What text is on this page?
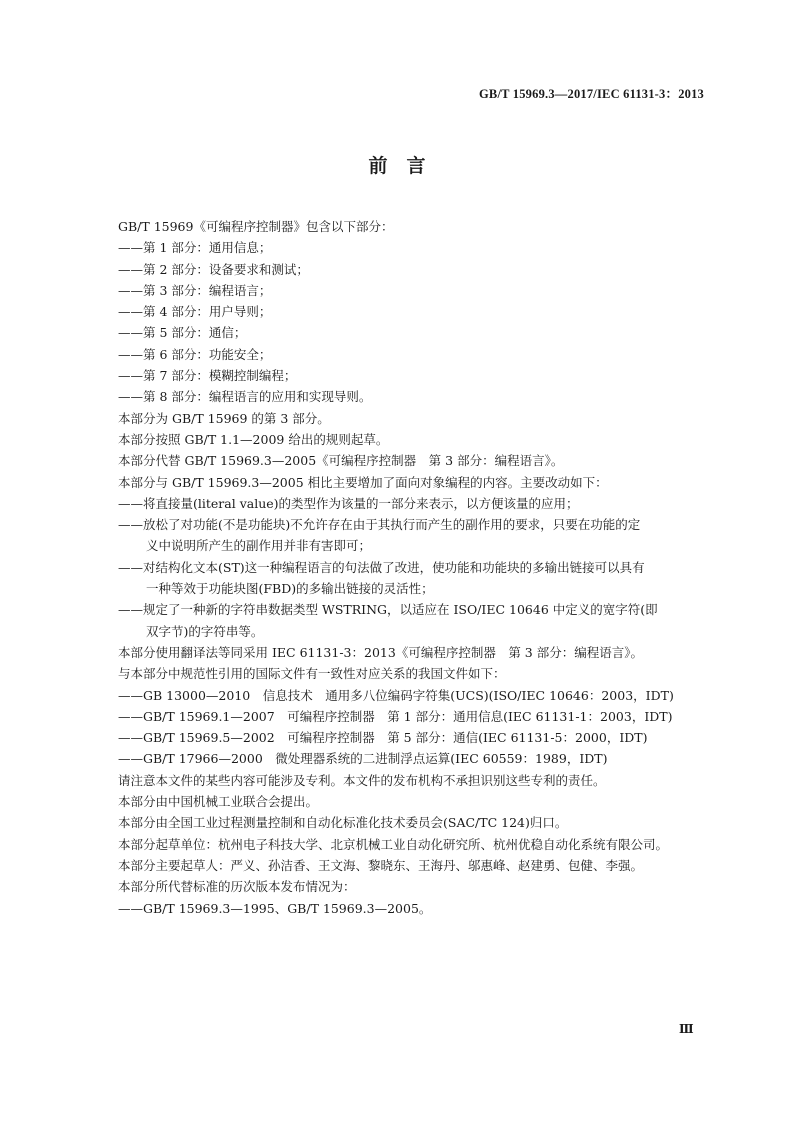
GB/T 15969.3—2017/IEC 61131-3：2013
前　言
GB/T 15969《可编程序控制器》包含以下部分：
——第 1 部分：通用信息；
——第 2 部分：设备要求和测试；
——第 3 部分：编程语言；
——第 4 部分：用户导则；
——第 5 部分：通信；
——第 6 部分：功能安全；
——第 7 部分：模糊控制编程；
——第 8 部分：编程语言的应用和实现导则。
本部分为 GB/T 15969 的第 3 部分。
本部分按照 GB/T 1.1—2009 给出的规则起草。
本部分代替 GB/T 15969.3—2005《可编程序控制器　第 3 部分：编程语言》。
本部分与 GB/T 15969.3—2005 相比主要增加了面向对象编程的内容。主要改动如下：
——将直接量(literal value)的类型作为该量的一部分来表示，以方便该量的应用；
——放松了对功能(不是功能块)不允许存在由于其执行而产生的副作用的要求，只要在功能的定
义中说明所产生的副作用并非有害即可；
——对结构化文本(ST)这一种编程语言的句法做了改进，使功能和功能块的多输出链接可以具有
一种等效于功能块图(FBD)的多输出链接的灵活性；
——规定了一种新的字符串数据类型 WSTRING，以适应在 ISO/IEC 10646 中定义的宽字符(即
双字节)的字符串等。
本部分使用翻译法等同采用 IEC 61131-3：2013《可编程序控制器　第 3 部分：编程语言》。
与本部分中规范性引用的国际文件有一致性对应关系的我国文件如下：
——GB 13000—2010　信息技术　通用多八位编码字符集(UCS)(ISO/IEC 10646：2003，IDT)
——GB/T 15969.1—2007　可编程序控制器　第 1 部分：通用信息(IEC 61131-1：2003，IDT)
——GB/T 15969.5—2002　可编程序控制器　第 5 部分：通信(IEC 61131-5：2000，IDT)
——GB/T 17966—2000　微处理器系统的二进制浮点运算(IEC 60559：1989，IDT)
请注意本文件的某些内容可能涉及专利。本文件的发布机构不承担识别这些专利的责任。
本部分由中国机械工业联合会提出。
本部分由全国工业过程测量控制和自动化标准化技术委员会(SAC/TC 124)归口。
本部分起草单位：杭州电子科技大学、北京机械工业自动化研究所、杭州优稳自动化系统有限公司。
本部分主要起草人：严义、孙洁香、王文海、黎晓东、王海丹、邬惠峰、赵建勇、包健、李强。
本部分所代替标准的历次版本发布情况为：
——GB/T 15969.3—1995、GB/T 15969.3—2005。
Ⅲ
